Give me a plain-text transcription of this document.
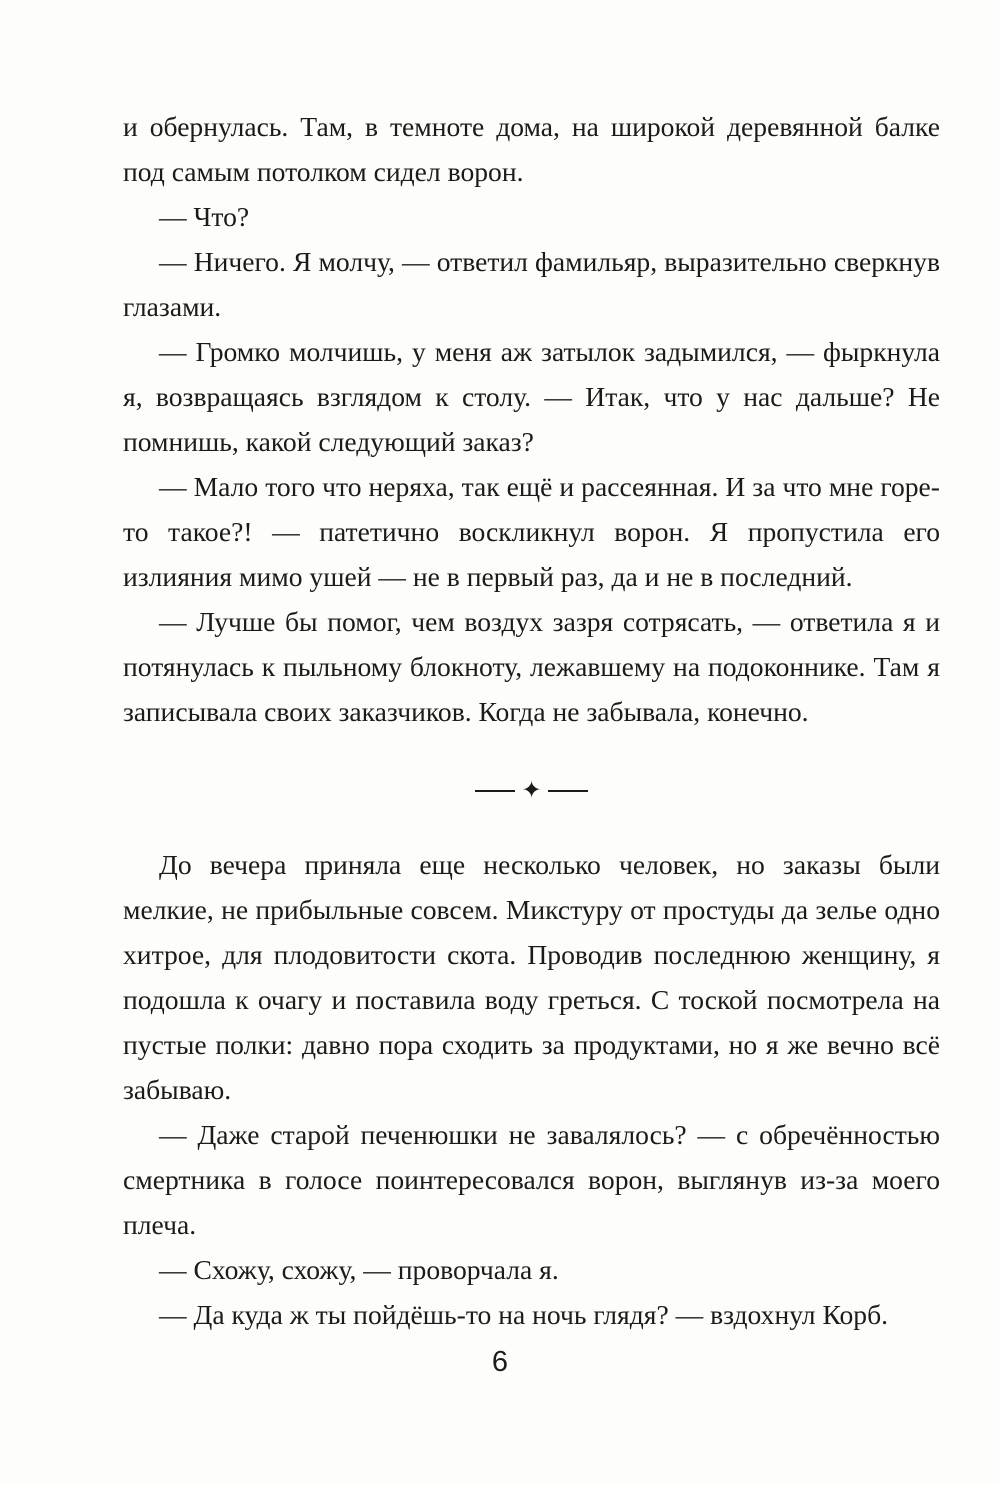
и обернулась. Там, в темноте дома, на широкой деревянной балке под самым потолком сидел ворон.

— Что?

— Ничего. Я молчу, — ответил фамильяр, выразительно сверкнув глазами.

— Громко молчишь, у меня аж затылок задымился, — фыркнула я, возвращаясь взглядом к столу. — Итак, что у нас дальше? Не помнишь, какой следующий заказ?

— Мало того что неряха, так ещё и рассеянная. И за что мне горе-то такое?! — патетично воскликнул ворон. Я пропустила его излияния мимо ушей — не в первый раз, да и не в последний.

— Лучше бы помог, чем воздух зазря сотрясать, — ответила я и потянулась к пыльному блокноту, лежавшему на подоконнике. Там я записывала своих заказчиков. Когда не забывала, конечно.

✦

До вечера приняла еще несколько человек, но заказы были мелкие, не прибыльные совсем. Микстуру от простуды да зелье одно хитрое, для плодовитости скота. Проводив последнюю женщину, я подошла к очагу и поставила воду греться. С тоской посмотрела на пустые полки: давно пора сходить за продуктами, но я же вечно всё забываю.

— Даже старой печенюшки не завалялось? — с обречённостью смертника в голосе поинтересовался ворон, выглянув из-за моего плеча.

— Схожу, схожу, — проворчала я.

— Да куда ж ты пойдёшь-то на ночь глядя? — вздохнул Корб.

6
